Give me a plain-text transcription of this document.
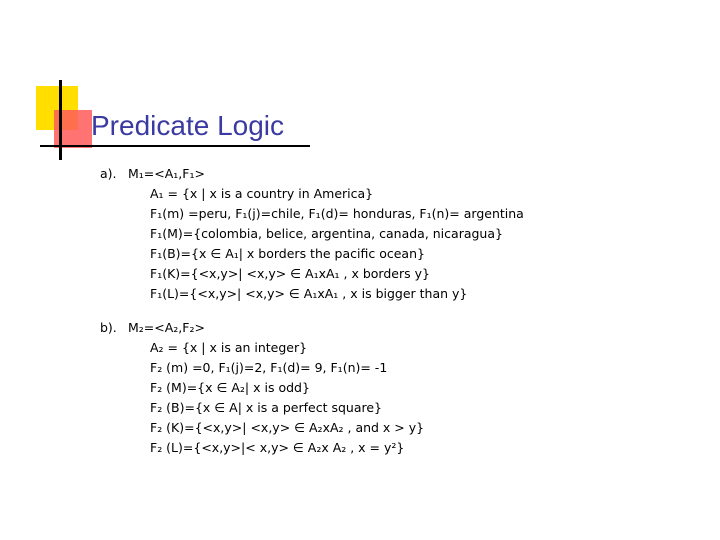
Predicate Logic
a). M₁=<A₁,F₁>
A₁ = {x | x is a country in America}
F₁(m) =peru, F₁(j)=chile, F₁(d)= honduras, F₁(n)= argentina
F₁(M)={colombia, belice, argentina, canada, nicaragua}
F₁(B)={x ∈ A₁| x borders the pacific ocean}
F₁(K)={<x,y>| <x,y> ∈ A₁xA₁ , x borders y}
F₁(L)={<x,y>| <x,y> ∈ A₁xA₁ , x is bigger than y}
b). M₂=<A₂,F₂>
A₂ = {x | x is an integer}
F₂ (m) =0, F₁(j)=2, F₁(d)= 9, F₁(n)= -1
F₂ (M)={x ∈ A₂| x is odd}
F₂ (B)={x ∈ A| x is a perfect square}
F₂ (K)={<x,y>| <x,y> ∈ A₂xA₂ , and x > y}
F₂ (L)={<x,y>|< x,y> ∈ A₂x A₂ , x = y²}
